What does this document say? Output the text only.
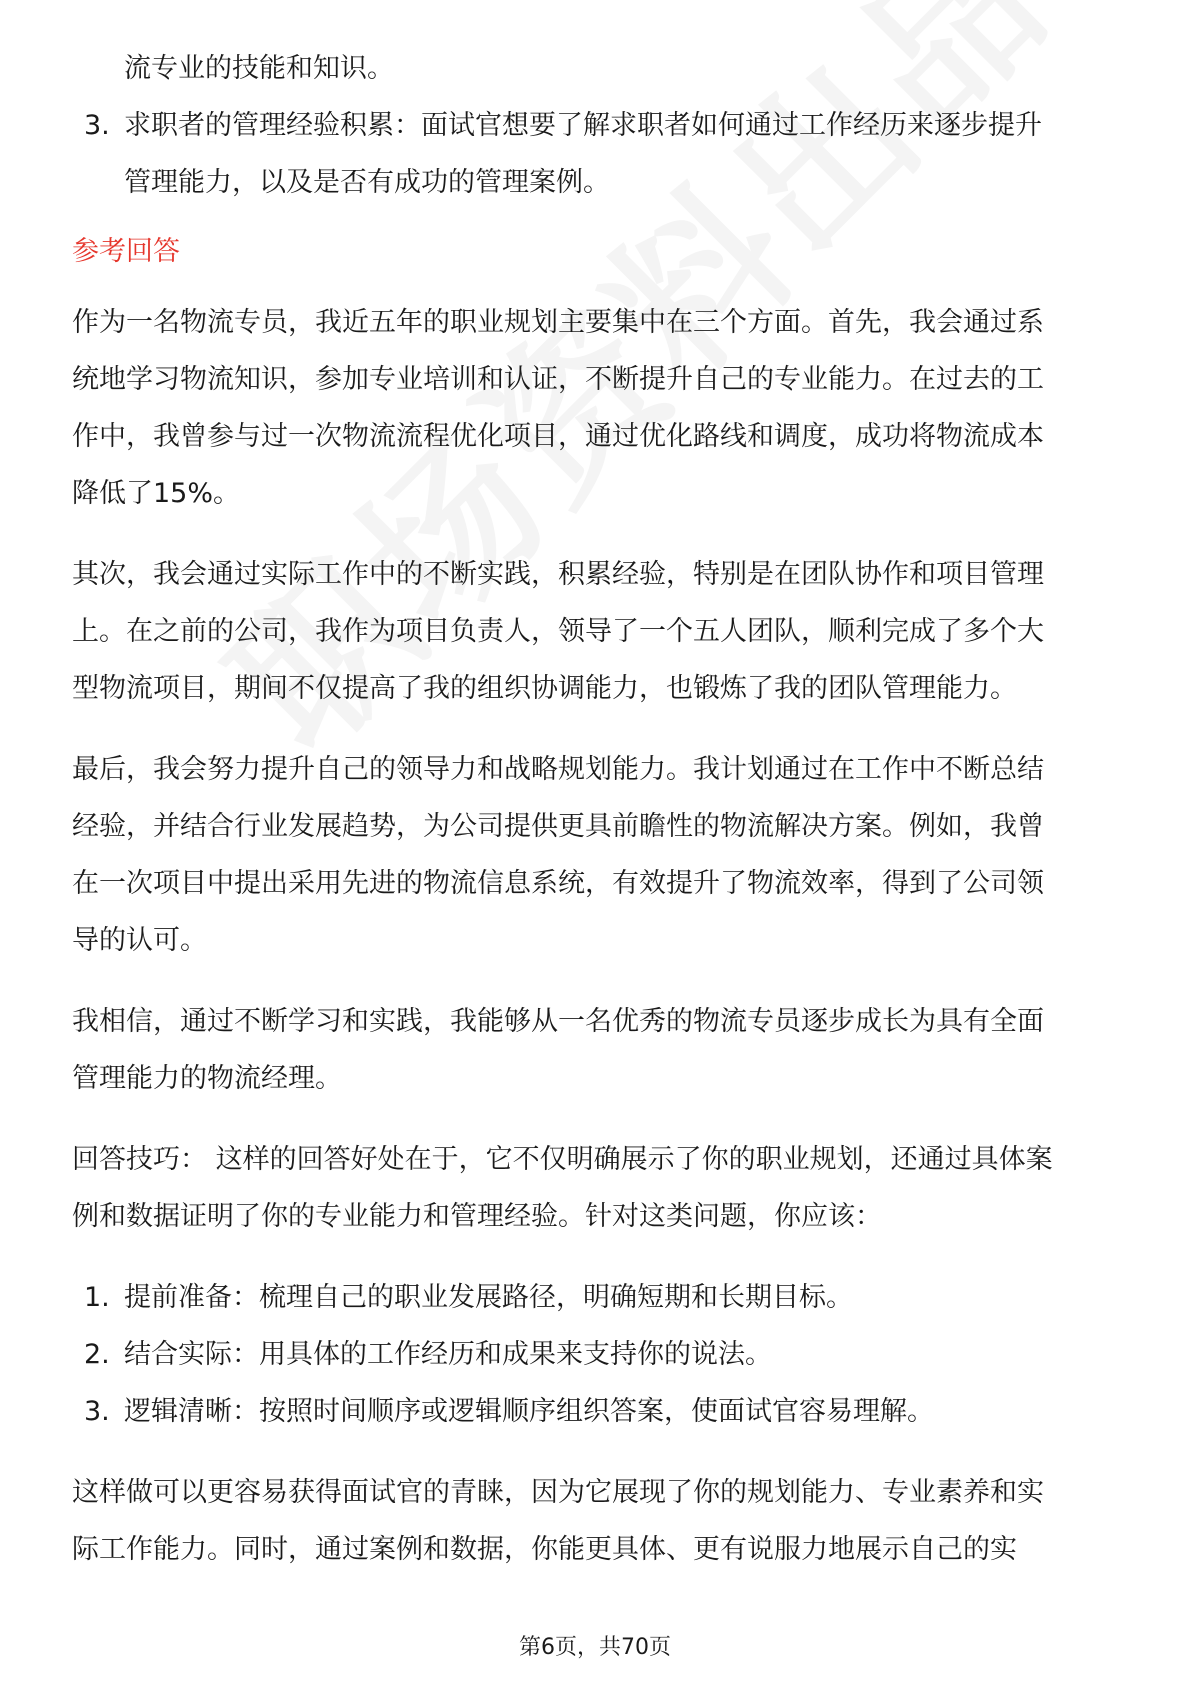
流专业的技能和知识。
3. 求职者的管理经验积累：面试官想要了解求职者如何通过工作经历来逐步提升
管理能力，以及是否有成功的管理案例。
参考回答
作为一名物流专员，我近五年的职业规划主要集中在三个方面。首先，我会通过系
统地学习物流知识，参加专业培训和认证，不断提升自己的专业能力。在过去的工
作中，我曾参与过一次物流流程优化项目，通过优化路线和调度，成功将物流成本
降低了15%。
其次，我会通过实际工作中的不断实践，积累经验，特别是在团队协作和项目管理
上。在之前的公司，我作为项目负责人，领导了一个五人团队，顺利完成了多个大
型物流项目，期间不仅提高了我的组织协调能力，也锻炼了我的团队管理能力。
最后，我会努力提升自己的领导力和战略规划能力。我计划通过在工作中不断总结
经验，并结合行业发展趋势，为公司提供更具前瞻性的物流解决方案。例如，我曾
在一次项目中提出采用先进的物流信息系统，有效提升了物流效率，得到了公司领
导的认可。
我相信，通过不断学习和实践，我能够从一名优秀的物流专员逐步成长为具有全面
管理能力的物流经理。
回答技巧： 这样的回答好处在于，它不仅明确展示了你的职业规划，还通过具体案
例和数据证明了你的专业能力和管理经验。针对这类问题，你应该：
1. 提前准备：梳理自己的职业发展路径，明确短期和长期目标。
2. 结合实际：用具体的工作经历和成果来支持你的说法。
3. 逻辑清晰：按照时间顺序或逻辑顺序组织答案，使面试官容易理解。
这样做可以更容易获得面试官的青睐，因为它展现了你的规划能力、专业素养和实
际工作能力。同时，通过案例和数据，你能更具体、更有说服力地展示自己的实
第6页，共70页
